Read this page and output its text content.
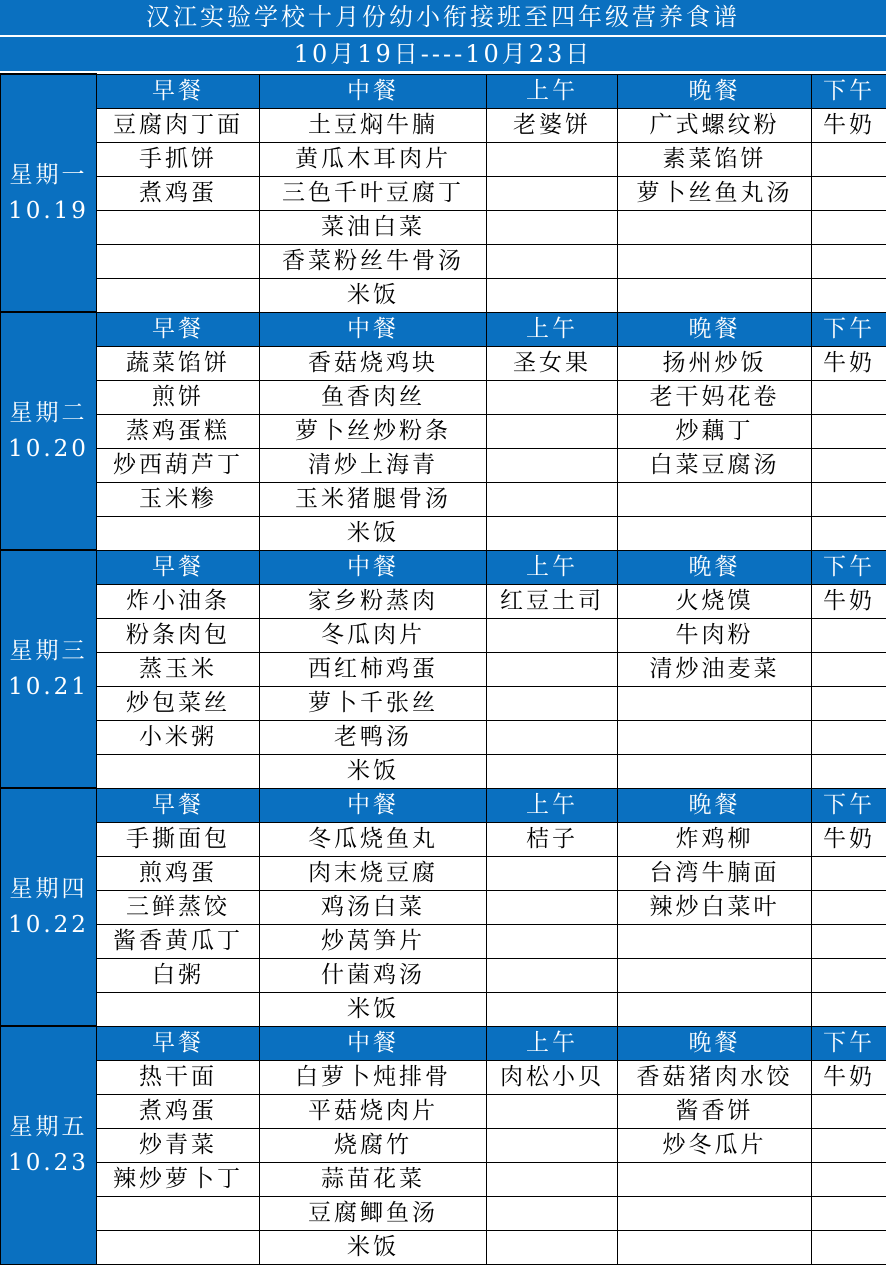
汉江实验学校十月份幼小衔接班至四年级营养食谱
10月19日----10月23日
星期一
10.19	早餐	中餐	上午	晚餐	下午
	豆腐肉丁面	土豆焖牛腩	老婆饼	广式螺纹粉	牛奶
	手抓饼	黄瓜木耳肉片		素菜馅饼	
	煮鸡蛋	三色千叶豆腐丁		萝卜丝鱼丸汤	
		菜油白菜			
		香菜粉丝牛骨汤			
		米饭			

星期二
10.20	早餐	中餐	上午	晚餐	下午
	蔬菜馅饼	香菇烧鸡块	圣女果	扬州炒饭	牛奶
	煎饼	鱼香肉丝		老干妈花卷	
	蒸鸡蛋糕	萝卜丝炒粉条		炒藕丁	
	炒西葫芦丁	清炒上海青		白菜豆腐汤	
	玉米糁	玉米猪腿骨汤			
		米饭			

星期三
10.21	早餐	中餐	上午	晚餐	下午
	炸小油条	家乡粉蒸肉	红豆土司	火烧馍	牛奶
	粉条肉包	冬瓜肉片		牛肉粉	
	蒸玉米	西红柿鸡蛋		清炒油麦菜	
	炒包菜丝	萝卜千张丝			
	小米粥	老鸭汤			
		米饭			

星期四
10.22	早餐	中餐	上午	晚餐	下午
	手撕面包	冬瓜烧鱼丸	桔子	炸鸡柳	牛奶
	煎鸡蛋	肉末烧豆腐		台湾牛腩面	
	三鲜蒸饺	鸡汤白菜		辣炒白菜叶	
	酱香黄瓜丁	炒莴笋片			
	白粥	什菌鸡汤			
		米饭			

星期五
10.23	早餐	中餐	上午	晚餐	下午
	热干面	白萝卜炖排骨	肉松小贝	香菇猪肉水饺	牛奶
	煮鸡蛋	平菇烧肉片		酱香饼	
	炒青菜	烧腐竹		炒冬瓜片	
	辣炒萝卜丁	蒜苗花菜			
		豆腐鲫鱼汤			
		米饭			
